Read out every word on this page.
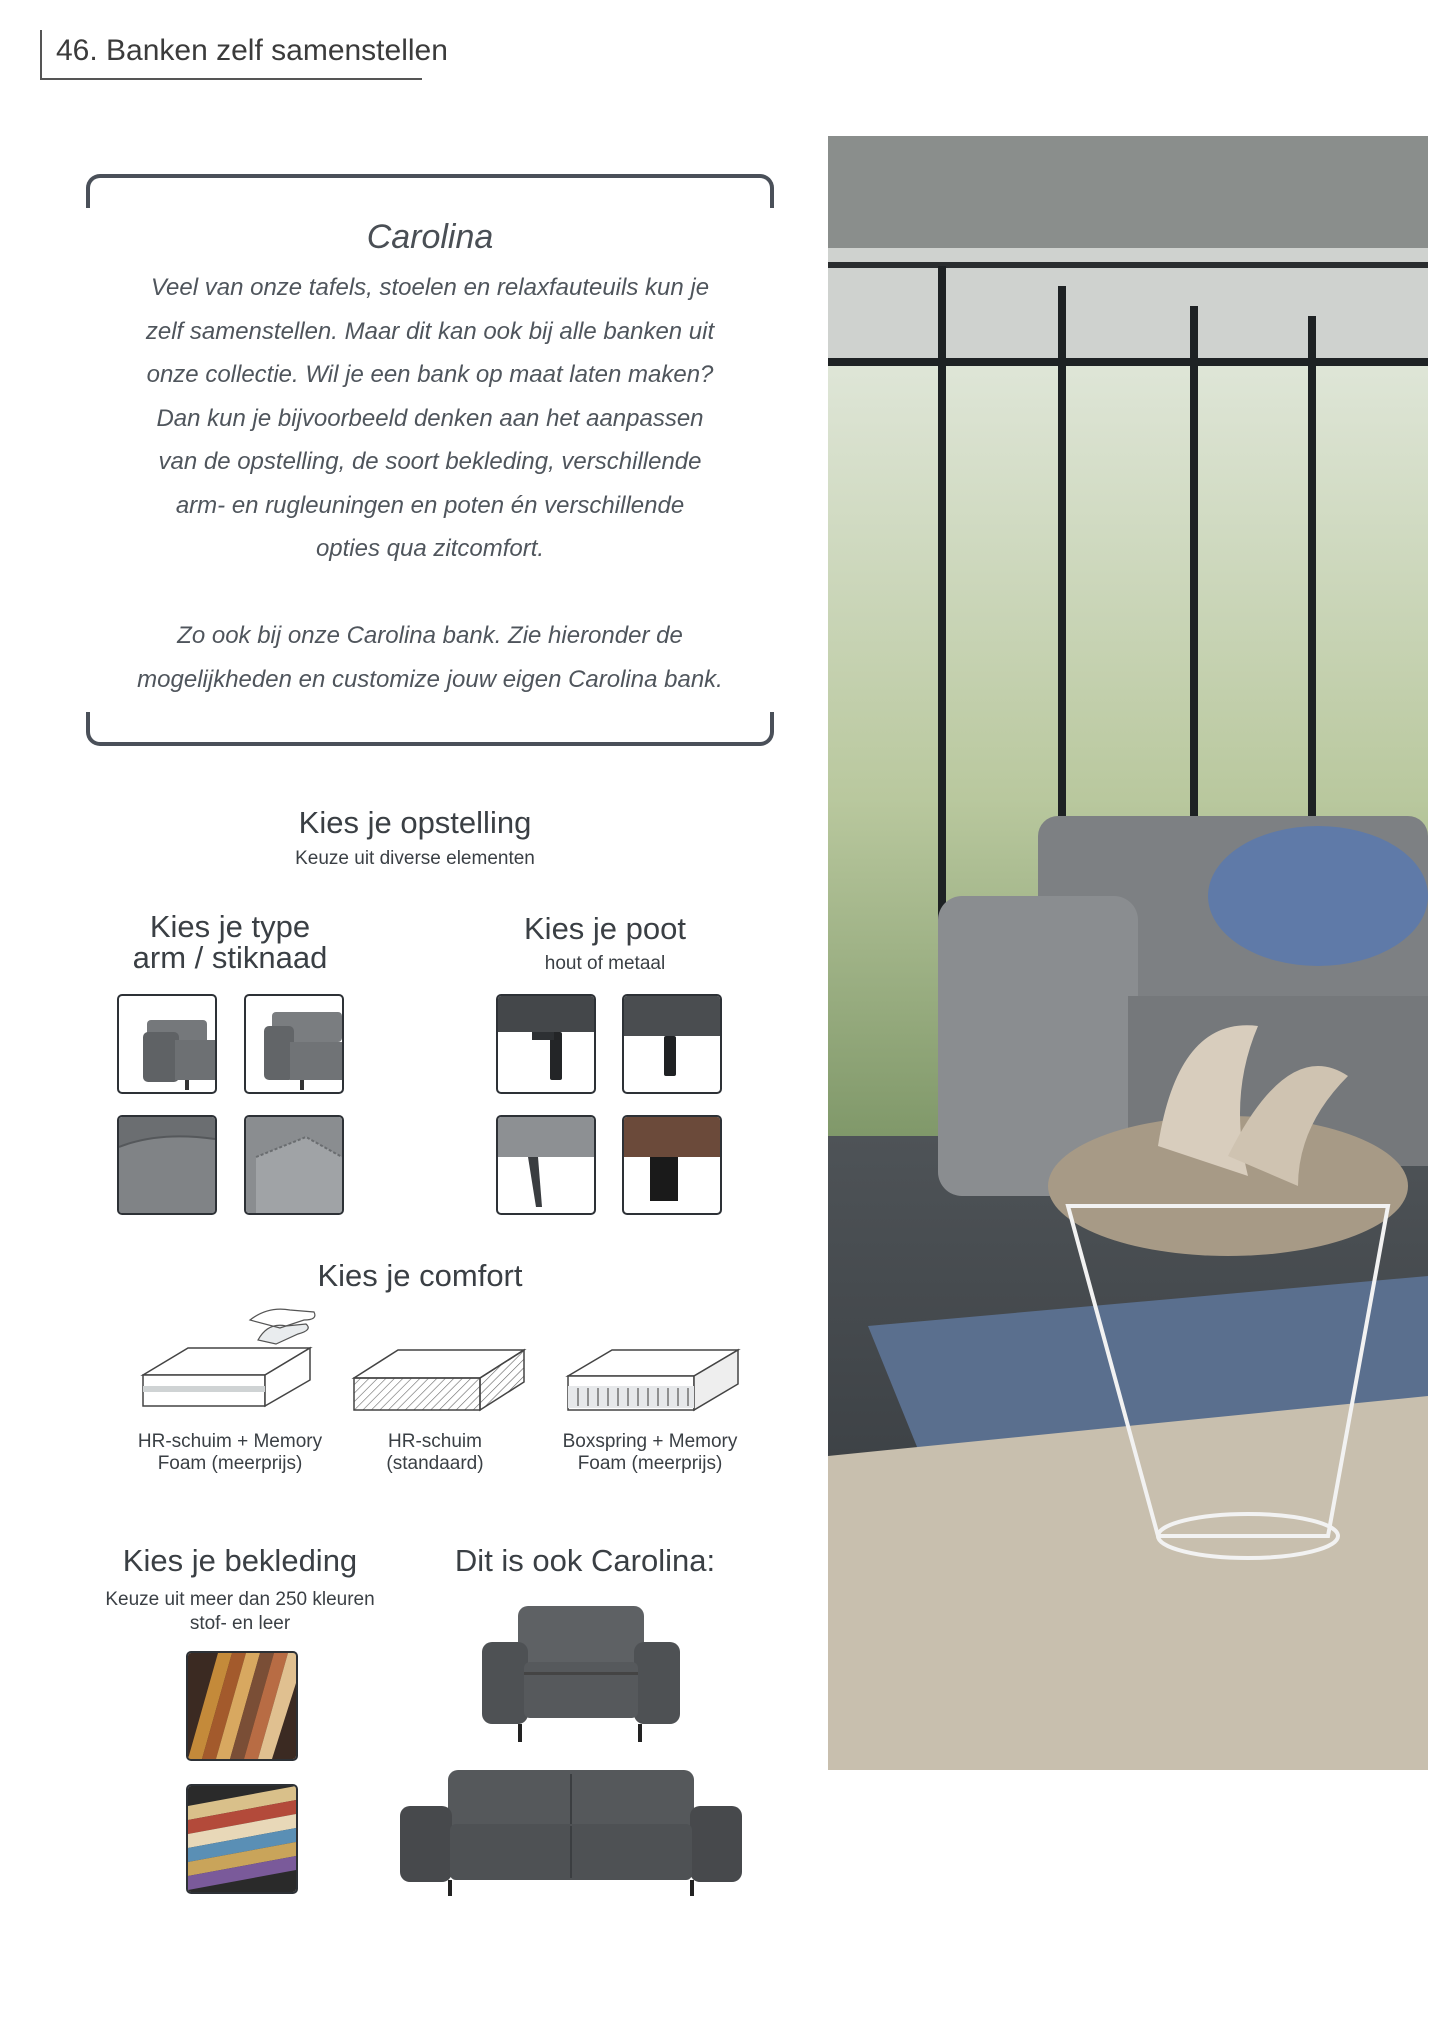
46. Banken zelf samenstellen
Carolina
Veel van onze tafels, stoelen en relaxfauteuils kun je
zelf samenstellen. Maar dit kan ook bij alle banken uit
onze collectie. Wil je een bank op maat laten maken?
Dan kun je bijvoorbeeld denken aan het aanpassen
van de opstelling, de soort bekleding, verschillende
arm- en rugleuningen en poten én verschillende
opties qua zitcomfort.
Zo ook bij onze Carolina bank. Zie hieronder de
mogelijkheden en customize jouw eigen Carolina bank.
Kies je opstelling
Keuze uit diverse elementen
Kies je type
arm / stiknaad
Kies je poot
hout of metaal
Kies je comfort
HR-schuim + Memory
Foam (meerprijs)
HR-schuim
(standaard)
Boxspring + Memory
Foam (meerprijs)
Kies je bekleding
Keuze uit meer dan 250 kleuren
stof- en leer
Dit is ook Carolina:
